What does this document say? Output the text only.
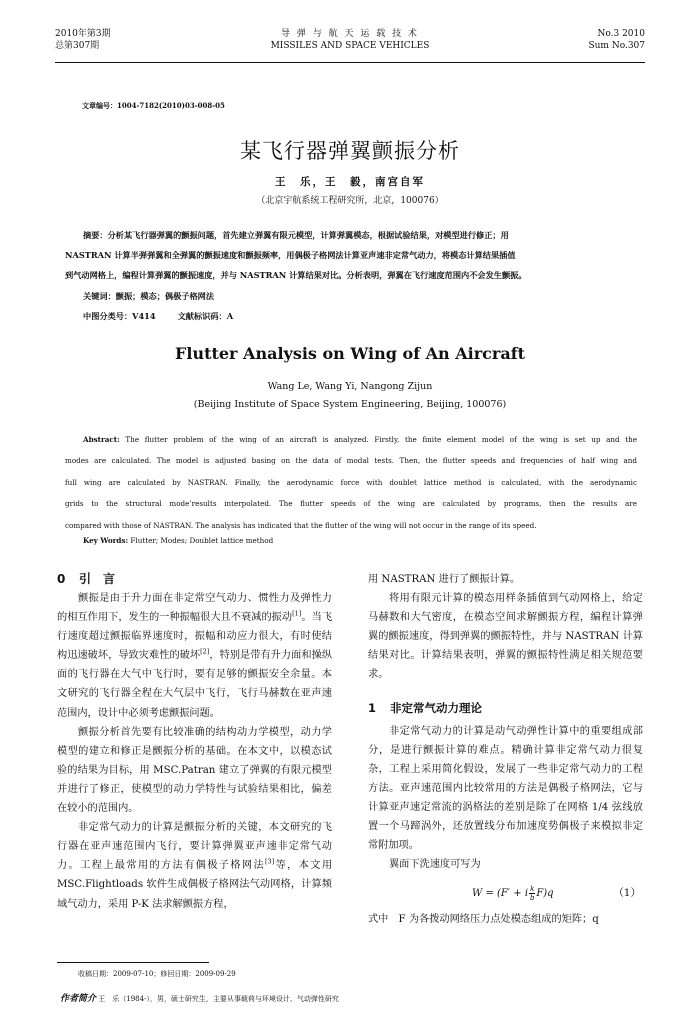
2010年第3期
总第307期
导 弹 与 航 天 运 载 技 术
MISSILES AND SPACE VEHICLES
No.3 2010
Sum No.307
文章编号：1004-7182(2010)03-008-05
某飞行器弹翼颤振分析
王　乐，王　毅，南宫自军
（北京宇航系统工程研究所，北京，100076）
摘要：分析某飞行器弹翼的颤振问题，首先建立弹翼有限元模型，计算弹翼模态，根据试验结果，对模型进行修正；用
NASTRAN 计算半弹弹翼和全弹翼的颤振速度和颤振频率，用偶极子格网法计算亚声速非定常气动力，将模态计算结果插值
到气动网格上，编程计算弹翼的颤振速度，并与 NASTRAN 计算结果对比。分析表明，弹翼在飞行速度范围内不会发生颤振。
关键词：颤振；模态；偶极子格网法
中图分类号：V414	文献标识码：A
Flutter Analysis on Wing of An Aircraft
Wang Le, Wang Yi, Nangong Zijun
(Beijing Institute of Space System Engineering, Beijing, 100076)
Abstract: The flutter problem of the wing of an aircraft is analyzed. Firstly, the finite element model of the wing is set up and the
modes are calculated. The model is adjusted basing on the data of modal tests. Then, the flutter speeds and frequencies of half wing and
full wing are calculated by NASTRAN. Finally, the aerodynamic force with doublet lattice method is calculated, with the aerodynamic
grids to the structural mode’results interpolated. The flutter speeds of the wing are calculated by programs, then the results are
compared with those of NASTRAN. The analysis has indicated that the flutter of the wing will not occur in the range of its speed.
Key Words: Flutter; Modes; Doublet lattice method
0 引　言

颤振是由于升力面在非定常空气动力、惯性力及弹性力的相互作用下，发生的一种振幅很大且不衰减的振动[1]。当飞行速度超过颤振临界速度时，振幅和动应力很大，有时使结构迅速破坏，导致灾难性的破坏[2]，特别是带有升力面和操纵面的飞行器在大气中飞行时，要有足够的颤振安全余量。本文研究的飞行器全程在大气层中飞行，飞行马赫数在亚声速范围内，设计中必须考虑颤振问题。

颤振分析首先要有比较准确的结构动力学模型，动力学模型的建立和修正是颤振分析的基础。在本文中，以模态试验的结果为目标，用 MSC.Patran 建立了弹翼的有限元模型并进行了修正，使模型的动力学特性与试验结果相比，偏差在较小的范围内。

非定常气动力的计算是颤振分析的关键，本文研究的飞行器在亚声速范围内飞行，要计算弹翼亚声速非定常气动力。工程上最常用的方法有偶极子格网法[3]等，本文用 MSC.Flightloads 软件生成偶极子格网法气动网格，计算频域气动力，采用 P-K 法求解颤振方程，

用 NASTRAN 进行了颤振计算。

将用有限元计算的模态用样条插值到气动网格上，给定马赫数和大气密度，在模态空间求解颤振方程，编程计算弹翼的颤振速度，得到弹翼的颤振特性，并与 NASTRAN 计算结果对比。计算结果表明，弹翼的颤振特性满足相关规范要求。

1 非定常气动力理论

非定常气动力的计算是动气动弹性计算中的重要组成部分，是进行颤振计算的难点。精确计算非定常气动力很复杂，工程上采用简化假设，发展了一些非定常气动力的工程方法。亚声速范围内比较常用的方法是偶极子格网法，它与计算亚声速定常流的涡格法的差别是除了在网格 1/4 弦线放置一个马蹄涡外，还放置线分布加速度势偶极子来模拟非定常附加项。

翼面下洗速度可写为

W = (F′ + i $\frac{k}{b} F)q$	（1）

式中　F 为各拨动网络压力点处模态组成的矩阵；q

收稿日期：2009-07-10；修回日期：2009-09-29
作者简介 王　乐（1984-），男，硕士研究生，主要从事载荷与环境设计、气动弹性研究
